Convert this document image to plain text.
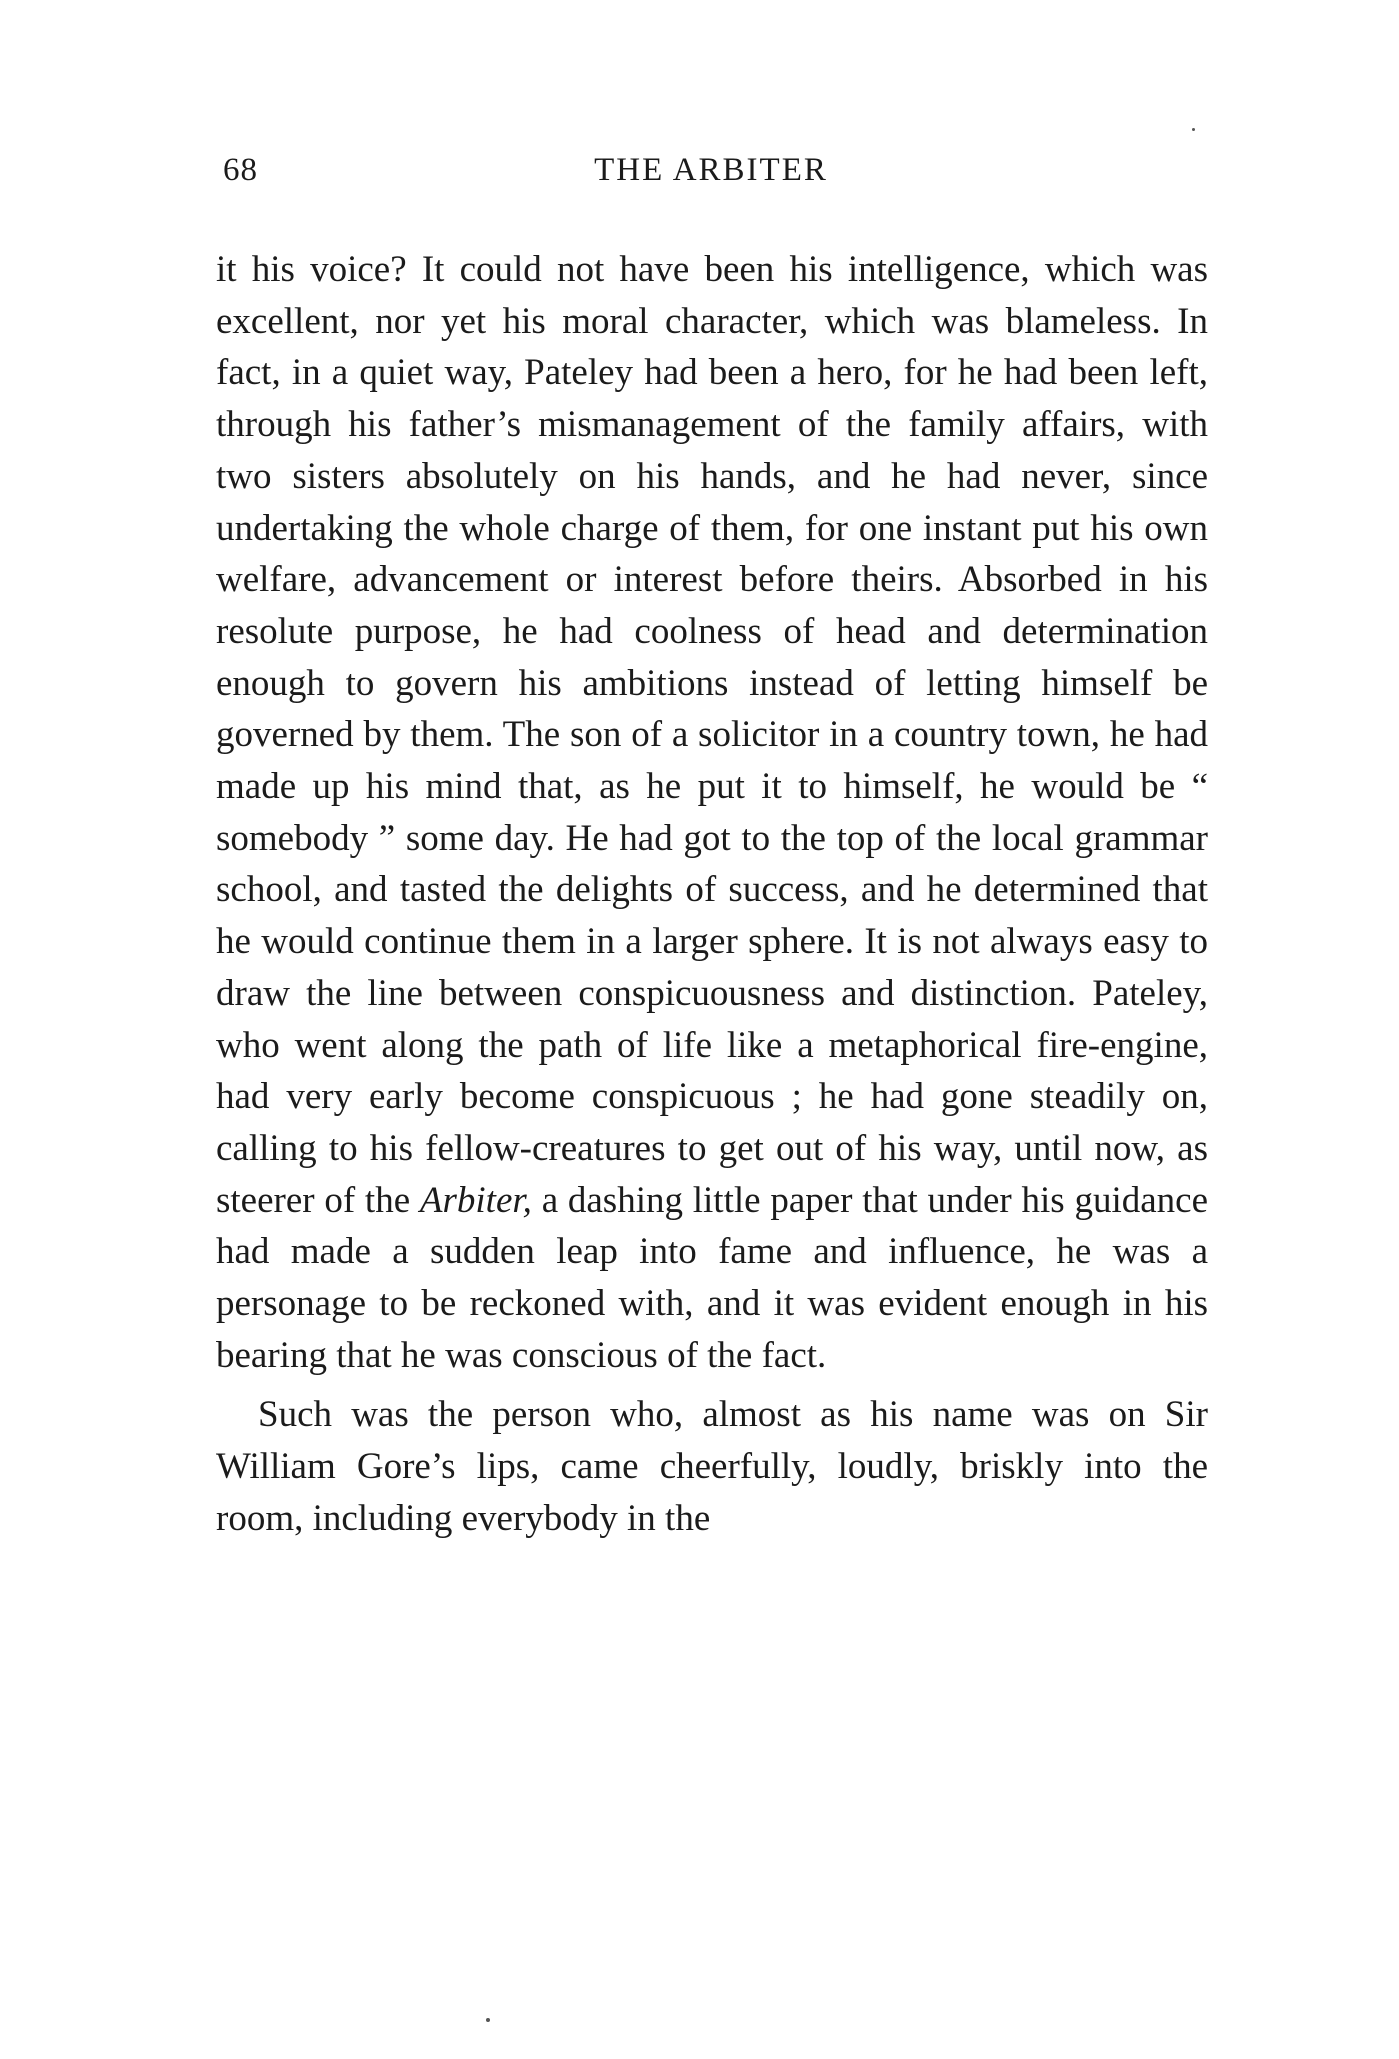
68	THE ARBITER

it his voice? It could not have been his intelligence, which was excellent, nor yet his moral character, which was blameless. In fact, in a quiet way, Pateley had been a hero, for he had been left, through his father’s mismanagement of the family affairs, with two sisters absolutely on his hands, and he had never, since undertaking the whole charge of them, for one instant put his own welfare, advancement or interest before theirs. Absorbed in his resolute purpose, he had coolness of head and determination enough to govern his ambitions instead of letting himself be governed by them. The son of a solicitor in a country town, he had made up his mind that, as he put it to himself, he would be “ somebody ” some day. He had got to the top of the local grammar school, and tasted the delights of success, and he determined that he would continue them in a larger sphere. It is not always easy to draw the line between conspicuousness and distinction. Pateley, who went along the path of life like a metaphorical fire-engine, had very early become conspicuous ; he had gone steadily on, calling to his fellow-creatures to get out of his way, until now, as steerer of the Arbiter, a dashing little paper that under his guidance had made a sudden leap into fame and influence, he was a personage to be reckoned with, and it was evident enough in his bearing that he was conscious of the fact.

Such was the person who, almost as his name was on Sir William Gore’s lips, came cheerfully, loudly, briskly into the room, including everybody in the
